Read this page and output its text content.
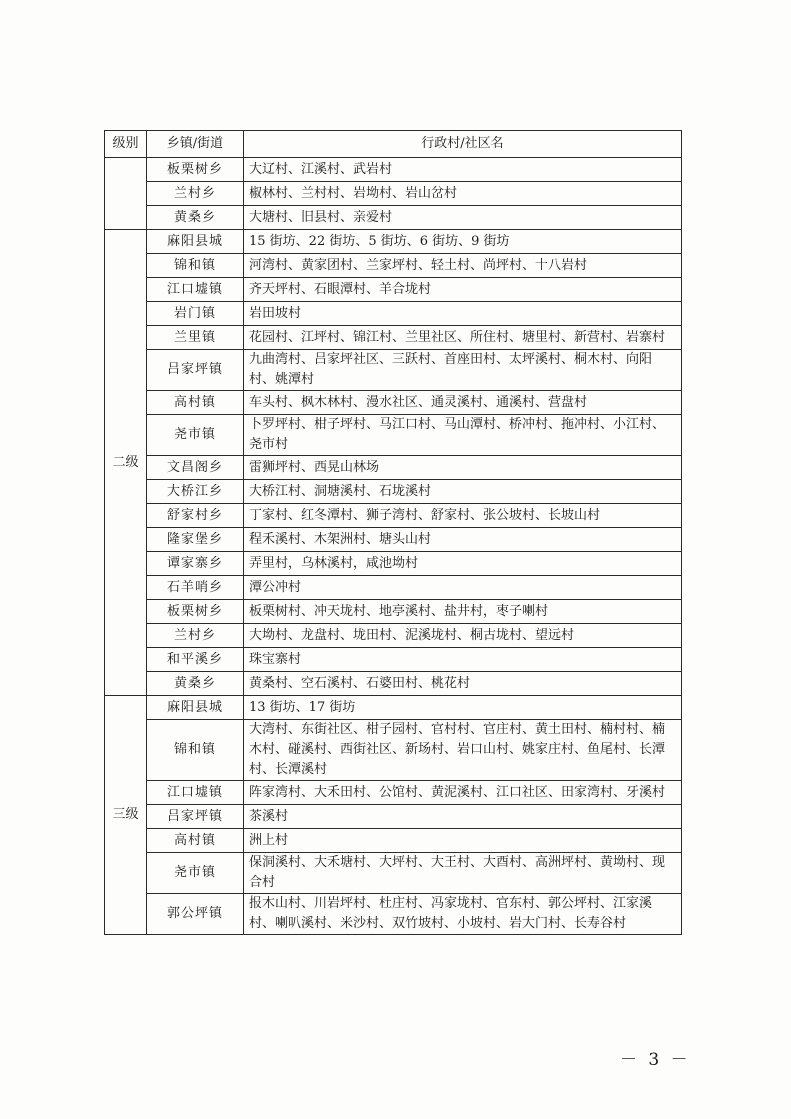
级别	乡镇/街道	行政村/社区名
	板栗树乡	大辽村、江溪村、武岩村
	兰村乡	椒林村、兰村村、岩坳村、岩山岔村
	黄桑乡	大塘村、旧县村、亲爱村
二级	麻阳县城	15 街坊、22 街坊、5 街坊、6 街坊、9 街坊
	锦和镇	河湾村、黄家团村、兰家坪村、轻土村、尚坪村、十八岩村
	江口墟镇	齐天坪村、石眼潭村、羊合垅村
	岩门镇	岩田坡村
	兰里镇	花园村、江坪村、锦江村、兰里社区、所住村、塘里村、新营村、岩寨村
	吕家坪镇	九曲湾村、吕家坪社区、三跃村、首座田村、太坪溪村、桐木村、向阳村、姚潭村
	高村镇	车头村、枫木林村、漫水社区、通灵溪村、通溪村、营盘村
	尧市镇	卜罗坪村、柑子坪村、马江口村、马山潭村、桥冲村、拖冲村、小江村、尧市村
	文昌阁乡	雷狮坪村、西晃山林场
	大桥江乡	大桥江村、洞塘溪村、石垅溪村
	舒家村乡	丁家村、红冬潭村、狮子湾村、舒家村、张公坡村、长坡山村
	隆家堡乡	程禾溪村、木架洲村、塘头山村
	谭家寨乡	弄里村，乌林溪村，咸池坳村
	石羊哨乡	潭公冲村
	板栗树乡	板栗树村、冲天垅村、地亭溪村、盐井村，枣子喇村
	兰村乡	大坳村、龙盘村、垅田村、泥溪垅村、桐古垅村、望远村
	和平溪乡	珠宝寨村
	黄桑乡	黄桑村、空石溪村、石婆田村、桃花村
三级	麻阳县城	13 街坊、17 街坊
	锦和镇	大湾村、东街社区、柑子园村、官村村、官庄村、黄土田村、楠村村、楠木村、碰溪村、西街社区、新场村、岩口山村、姚家庄村、鱼尾村、长潭村、长潭溪村
	江口墟镇	阵家湾村、大禾田村、公馆村、黄泥溪村、江口社区、田家湾村、牙溪村
	吕家坪镇	茶溪村
	高村镇	洲上村
	尧市镇	保洞溪村、大禾塘村、大坪村、大王村、大酉村、高洲坪村、黄坳村、现合村
	郭公坪镇	报木山村、川岩坪村、杜庄村、冯家垅村、官东村、郭公坪村、江家溪村、喇叭溪村、米沙村、双竹坡村、小坡村、岩大门村、长寿谷村
－ 3 －
